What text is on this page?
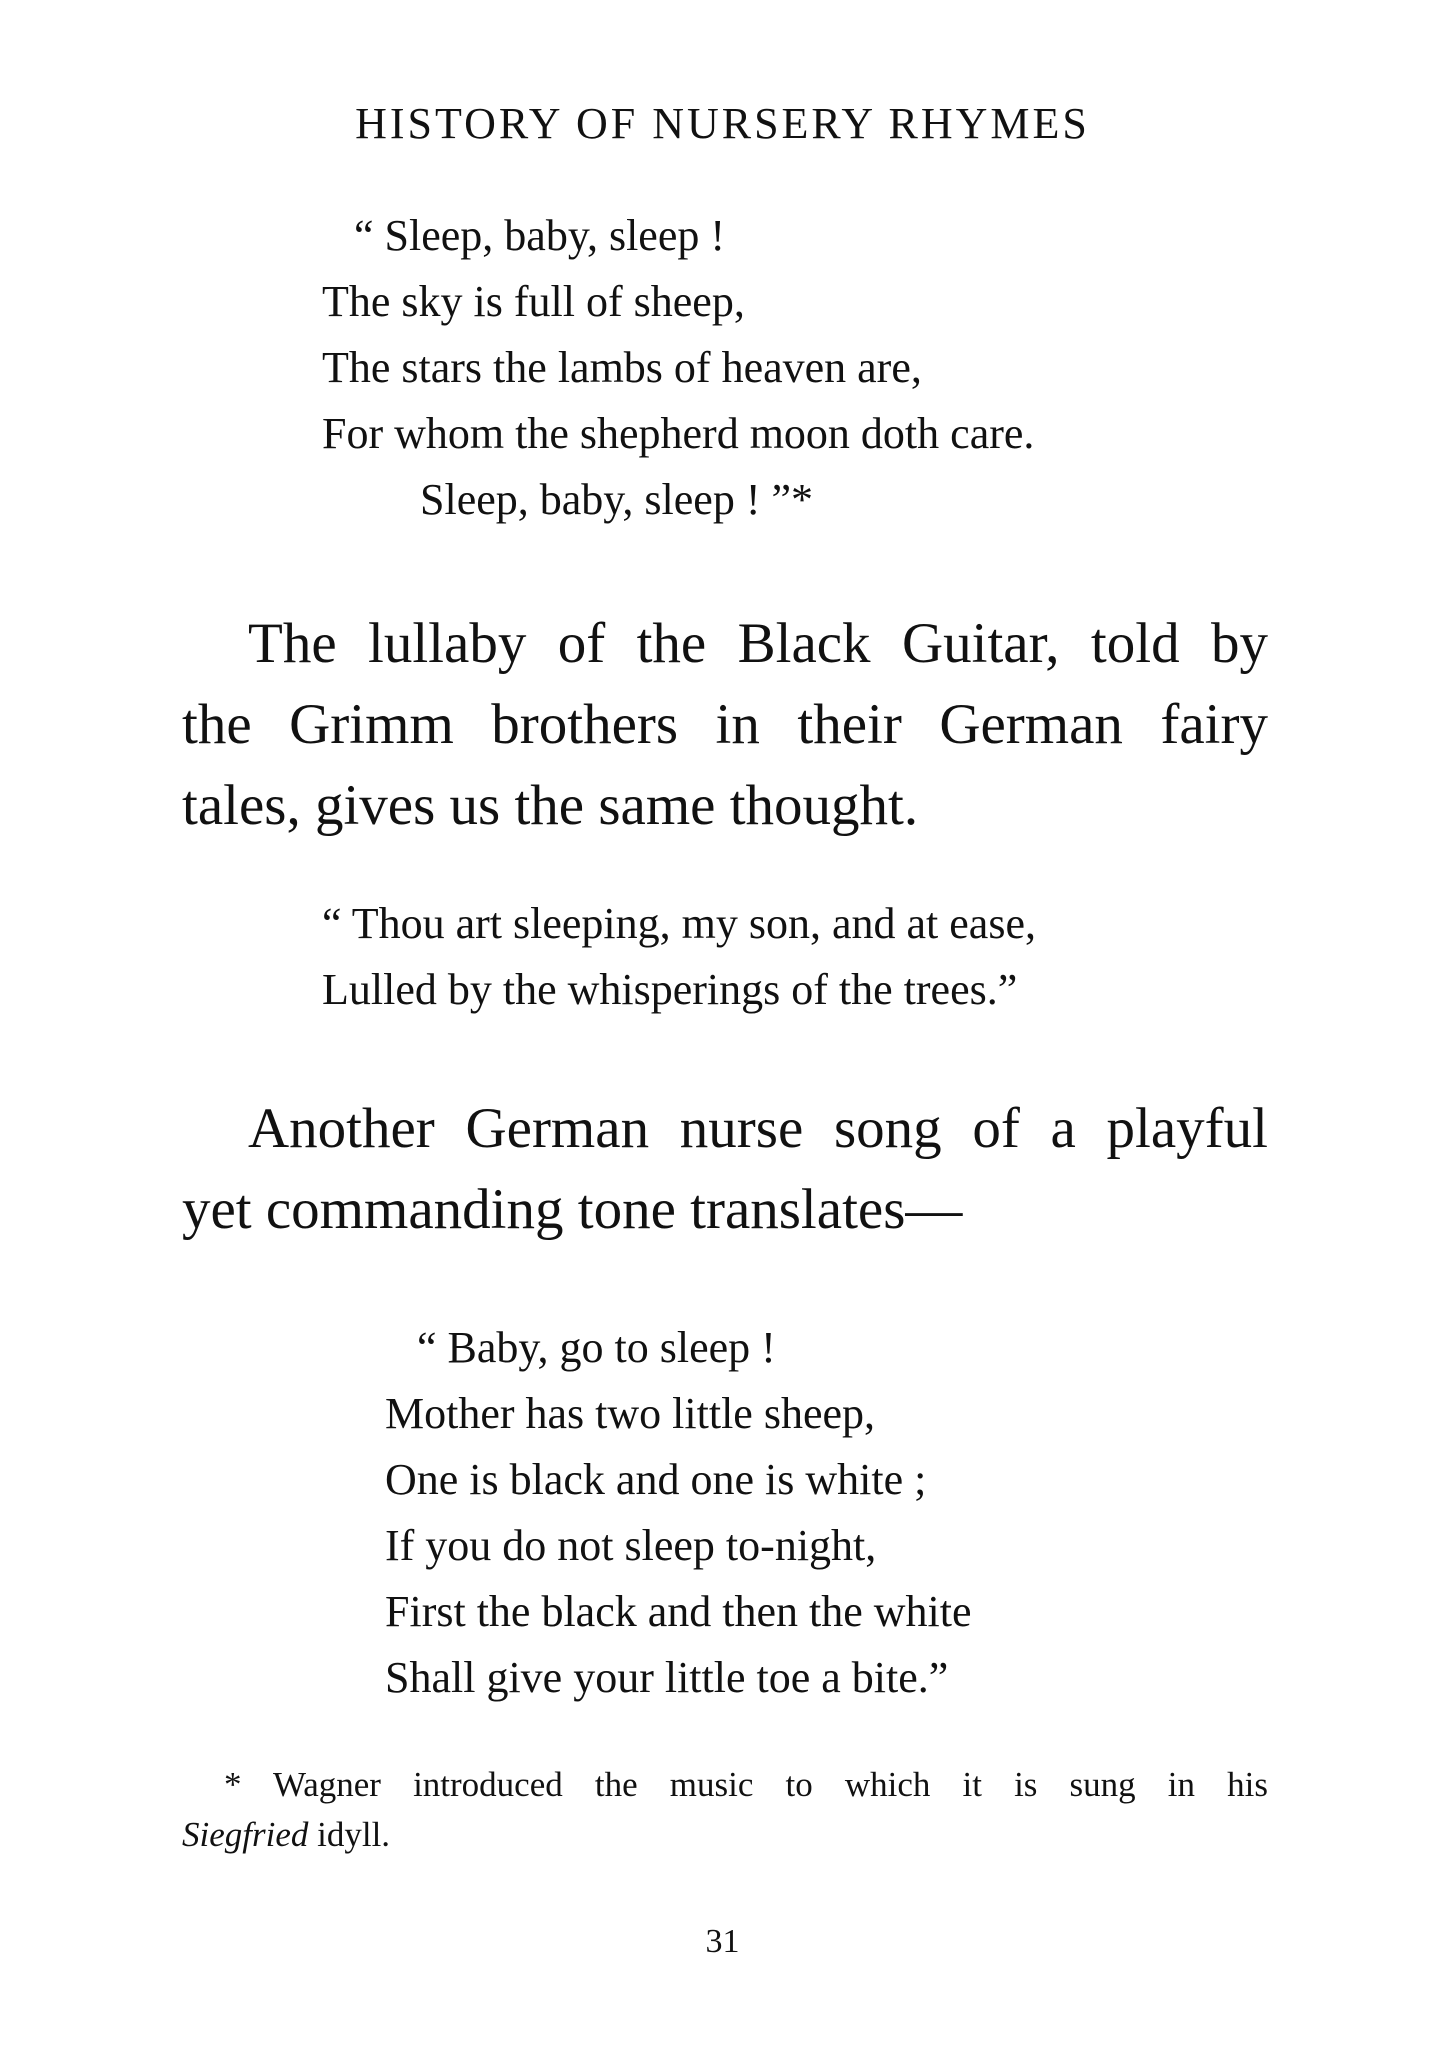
HISTORY OF NURSERY RHYMES
“ Sleep, baby, sleep !
The sky is full of sheep,
The stars the lambs of heaven are,
For whom the shepherd moon doth care.
Sleep, baby, sleep ! ”*
The lullaby of the Black Guitar, told by
the Grimm brothers in their German fairy
tales, gives us the same thought.
“ Thou art sleeping, my son, and at ease,
Lulled by the whisperings of the trees.”
Another German nurse song of a playful
yet commanding tone translates—
“ Baby, go to sleep !
Mother has two little sheep,
One is black and one is white ;
If you do not sleep to-night,
First the black and then the white
Shall give your little toe a bite.”
* Wagner introduced the music to which it is sung in his
Siegfried idyll.
31
